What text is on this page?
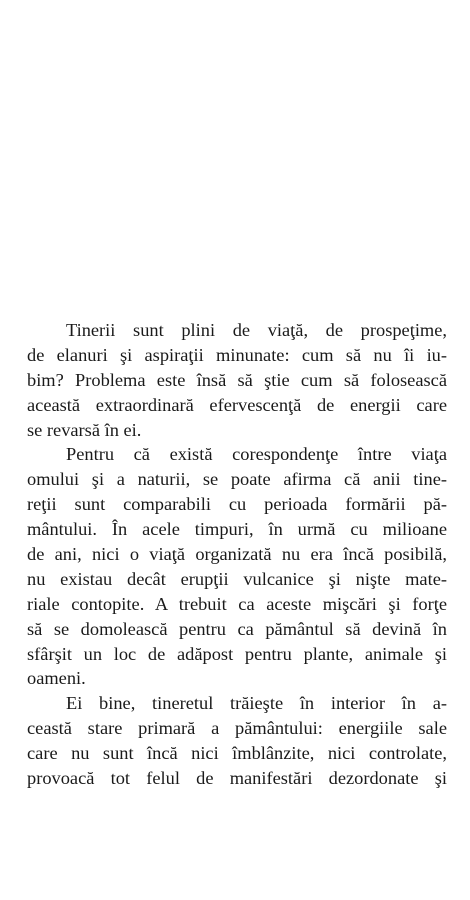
Tinerii sunt plini de viaţă, de prospeţime,
de elanuri şi aspiraţii minunate: cum să nu îi iu-
bim? Problema este însă să ştie cum să folosească
această extraordinară efervescenţă de energii care
se revarsă în ei.
Pentru că există corespondenţe între viaţa
omului şi a naturii, se poate afirma că anii tine-
reţii sunt comparabili cu perioada formării pă-
mântului. În acele timpuri, în urmă cu milioane
de ani, nici o viaţă organizată nu era încă posibilă,
nu existau decât erupţii vulcanice şi nişte mate-
riale contopite. A trebuit ca aceste mişcări şi forţe
să se domolească pentru ca pământul să devină în
sfârşit un loc de adăpost pentru plante, animale şi
oameni.
Ei bine, tineretul trăieşte în interior în a-
ceastă stare primară a pământului: energiile sale
care nu sunt încă nici îmblânzite, nici controlate,
provoacă tot felul de manifestări dezordonate şi
